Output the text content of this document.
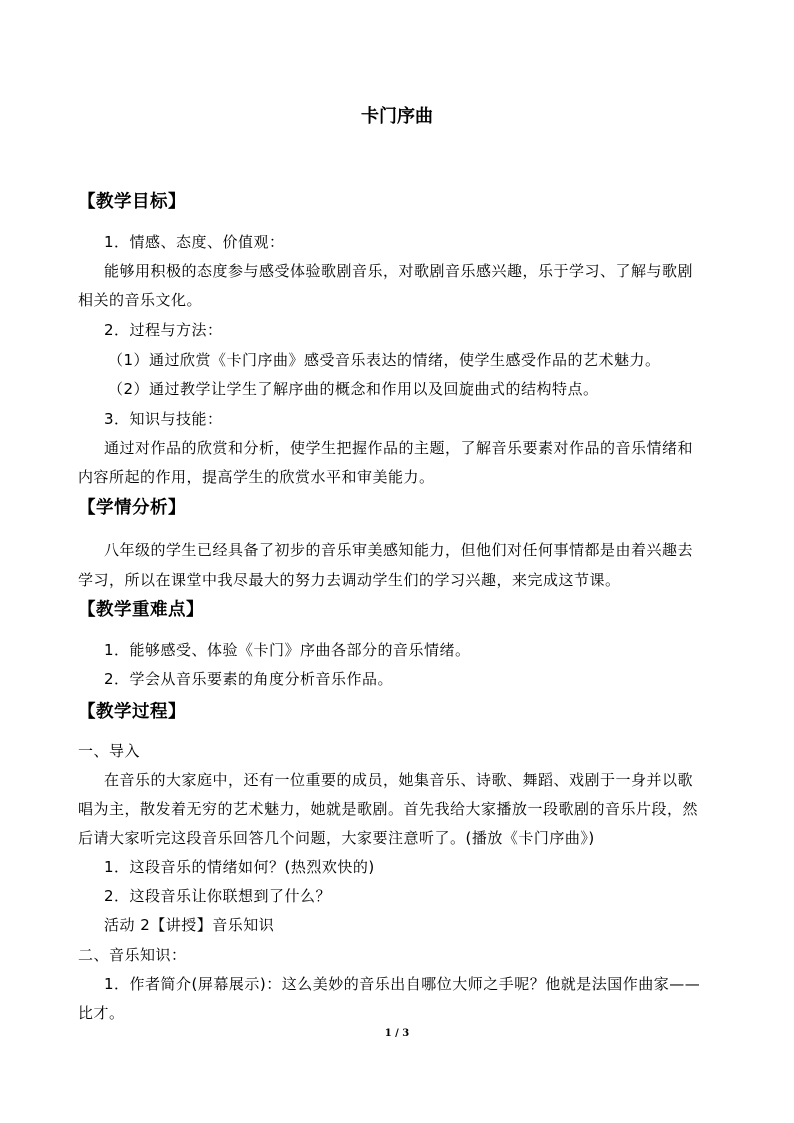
卡门序曲
【教学目标】
1．情感、态度、价值观：
能够用积极的态度参与感受体验歌剧音乐，对歌剧音乐感兴趣，乐于学习、了解与歌剧
相关的音乐文化。
2．过程与方法：
（1）通过欣赏《卡门序曲》感受音乐表达的情绪，使学生感受作品的艺术魅力。
（2）通过教学让学生了解序曲的概念和作用以及回旋曲式的结构特点。
3．知识与技能：
通过对作品的欣赏和分析，使学生把握作品的主题，了解音乐要素对作品的音乐情绪和
内容所起的作用，提高学生的欣赏水平和审美能力。
【学情分析】
八年级的学生已经具备了初步的音乐审美感知能力，但他们对任何事情都是由着兴趣去
学习，所以在课堂中我尽最大的努力去调动学生们的学习兴趣，来完成这节课。
【教学重难点】
1．能够感受、体验《卡门》序曲各部分的音乐情绪。
2．学会从音乐要素的角度分析音乐作品。
【教学过程】
一、导入
在音乐的大家庭中，还有一位重要的成员，她集音乐、诗歌、舞蹈、戏剧于一身并以歌
唱为主，散发着无穷的艺术魅力，她就是歌剧。首先我给大家播放一段歌剧的音乐片段，然
后请大家听完这段音乐回答几个问题，大家要注意听了。(播放《卡门序曲》)
1．这段音乐的情绪如何？(热烈欢快的)
2．这段音乐让你联想到了什么？
活动 2【讲授】音乐知识
二、音乐知识：
1．作者简介(屏幕展示)：这么美妙的音乐出自哪位大师之手呢？他就是法国作曲家——
比才。
1 / 3
